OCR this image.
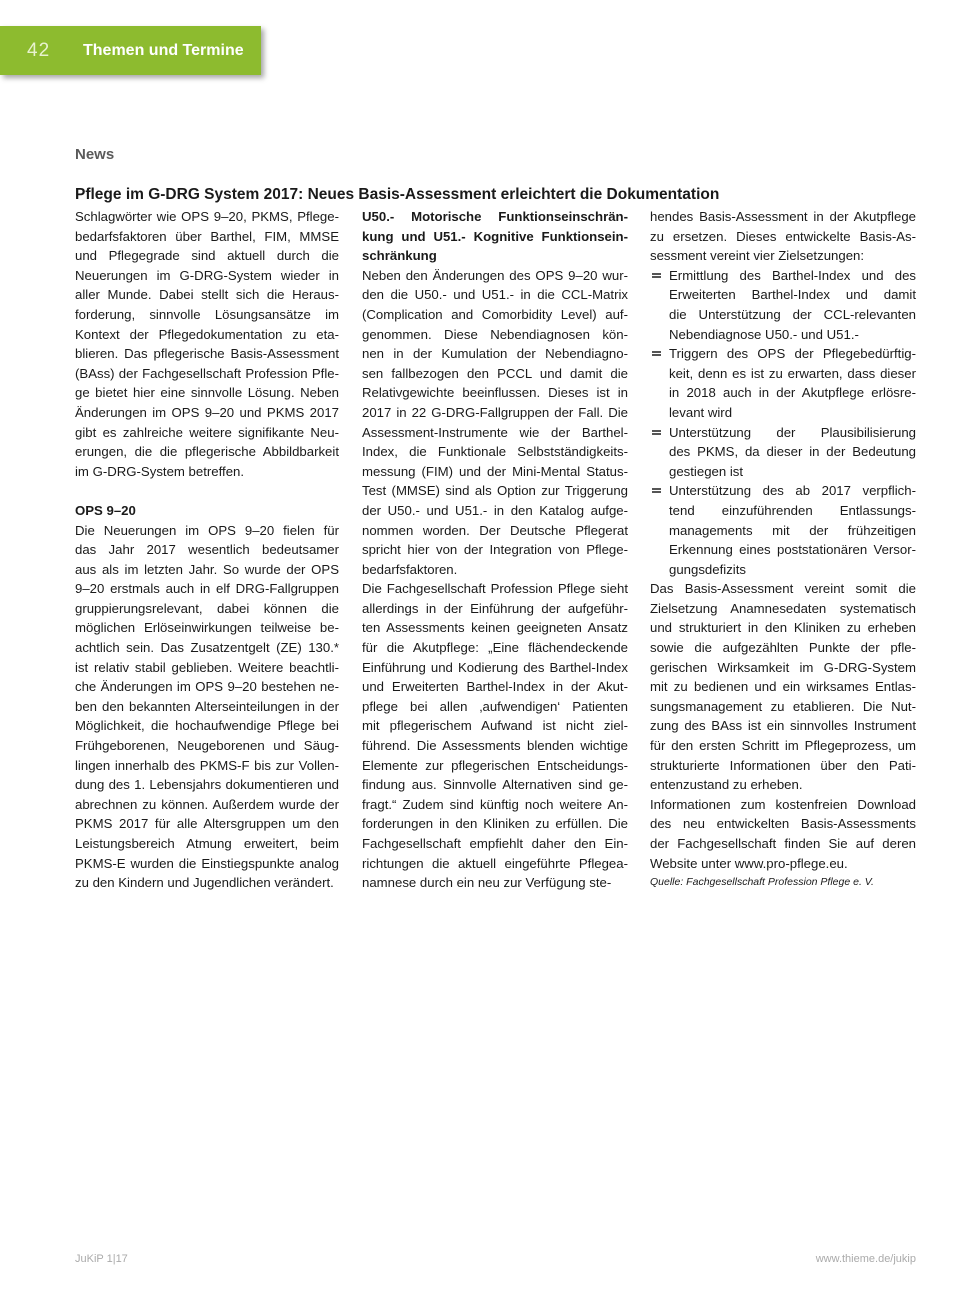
42	Themen und Termine
News
Pflege im G-DRG System 2017: Neues Basis-Assessment erleichtert die Dokumentation

Schlagwörter wie OPS 9–20, PKMS, Pflege-
bedarfsfaktoren über Barthel, FIM, MMSE
und Pflegegrade sind aktuell durch die
Neuerungen im G-DRG-System wieder in
aller Munde. Dabei stellt sich die Heraus-
forderung, sinnvolle Lösungsansätze im
Kontext der Pflegedokumentation zu eta-
blieren. Das pflegerische Basis-Assessment
(BAss) der Fachgesellschaft Profession Pfle-
ge bietet hier eine sinnvolle Lösung. Neben
Änderungen im OPS 9–20 und PKMS 2017
gibt es zahlreiche weitere signifikante Neu-
erungen, die die pflegerische Abbildbarkeit
im G-DRG-System betreffen.

OPS 9–20

Die Neuerungen im OPS 9–20 fielen für
das Jahr 2017 wesentlich bedeutsamer
aus als im letzten Jahr. So wurde der OPS
9–20 erstmals auch in elf DRG-Fallgruppen
gruppierungsrelevant, dabei können die
möglichen Erlöseinwirkungen teilweise be-
achtlich sein. Das Zusatzentgelt (ZE) 130.*
ist relativ stabil geblieben. Weitere beachtli-
che Änderungen im OPS 9–20 bestehen ne-
ben den bekannten Alterseinteilungen in der
Möglichkeit, die hochaufwendige Pflege bei
Frühgeborenen, Neugeborenen und Säug-
lingen innerhalb des PKMS-F bis zur Vollen-
dung des 1. Lebensjahrs dokumentieren und
abrechnen zu können. Außerdem wurde der
PKMS 2017 für alle Altersgruppen um den
Leistungsbereich Atmung erweitert, beim
PKMS-E wurden die Einstiegspunkte analog
zu den Kindern und Jugendlichen verändert.

U50.- Motorische Funktionseinschrän-
kung und U51.- Kognitive Funktionsein-
schränkung

Neben den Änderungen des OPS 9–20 wur-
den die U50.- und U51.- in die CCL-Matrix
(Complication and Comorbidity Level) auf-
genommen. Diese Nebendiagnosen kön-
nen in der Kumulation der Nebendiagno-
sen fallbezogen den PCCL und damit die
Relativgewichte beeinflussen. Dieses ist in
2017 in 22 G-DRG-Fallgruppen der Fall. Die
Assessment-Instrumente wie der Barthel-
Index, die Funktionale Selbstständigkeits-
messung (FIM) und der Mini-Mental Status-
Test (MMSE) sind als Option zur Triggerung
der U50.- und U51.- in den Katalog aufge-
nommen worden. Der Deutsche Pflegerat
spricht hier von der Integration von Pflege-
bedarfsfaktoren.

Die Fachgesellschaft Profession Pflege sieht
allerdings in der Einführung der aufgeführ-
ten Assessments keinen geeigneten Ansatz
für die Akutpflege: „Eine flächendeckende
Einführung und Kodierung des Barthel-Index
und Erweiterten Barthel-Index in der Akut-
pflege bei allen ‚aufwendigen‘ Patienten
mit pflegerischem Aufwand ist nicht ziel-
führend. Die Assessments blenden wichtige
Elemente zur pflegerischen Entscheidungs-
findung aus. Sinnvolle Alternativen sind ge-
fragt.“ Zudem sind künftig noch weitere An-
forderungen in den Kliniken zu erfüllen. Die
Fachgesellschaft empfiehlt daher den Ein-
richtungen die aktuell eingeführte Pflegea-
namnese durch ein neu zur Verfügung ste-

hendes Basis-Assessment in der Akutpflege
zu ersetzen. Dieses entwickelte Basis-As-
sessment vereint vier Zielsetzungen:

Ermittlung des Barthel-Index und des
Erweiterten Barthel-Index und damit
die Unterstützung der CCL-relevanten
Nebendiagnose U50.- und U51.-
Triggern des OPS der Pflegebedürftig-
keit, denn es ist zu erwarten, dass dieser
in 2018 auch in der Akutpflege erlösre-
levant wird
Unterstützung der Plausibilisierung
des PKMS, da dieser in der Bedeutung
gestiegen ist
Unterstützung des ab 2017 verpflich-
tend einzuführenden Entlassungs-
managements mit der frühzeitigen
Erkennung eines poststationären Versor-
gungsdefizits

Das Basis-Assessment vereint somit die
Zielsetzung Anamnesedaten systematisch
und strukturiert in den Kliniken zu erheben
sowie die aufgezählten Punkte der pfle-
gerischen Wirksamkeit im G-DRG-System
mit zu bedienen und ein wirksames Entlas-
sungsmanagement zu etablieren. Die Nut-
zung des BAss ist ein sinnvolles Instrument
für den ersten Schritt im Pflegeprozess, um
strukturierte Informationen über den Pati-
entenzustand zu erheben.

Informationen zum kostenfreien Download
des neu entwickelten Basis-Assessments
der Fachgesellschaft finden Sie auf deren
Website unter www.pro-pflege.eu.

Quelle: Fachgesellschaft Profession Pflege e. V.

JuKiP 1|17	www.thieme.de/jukip
